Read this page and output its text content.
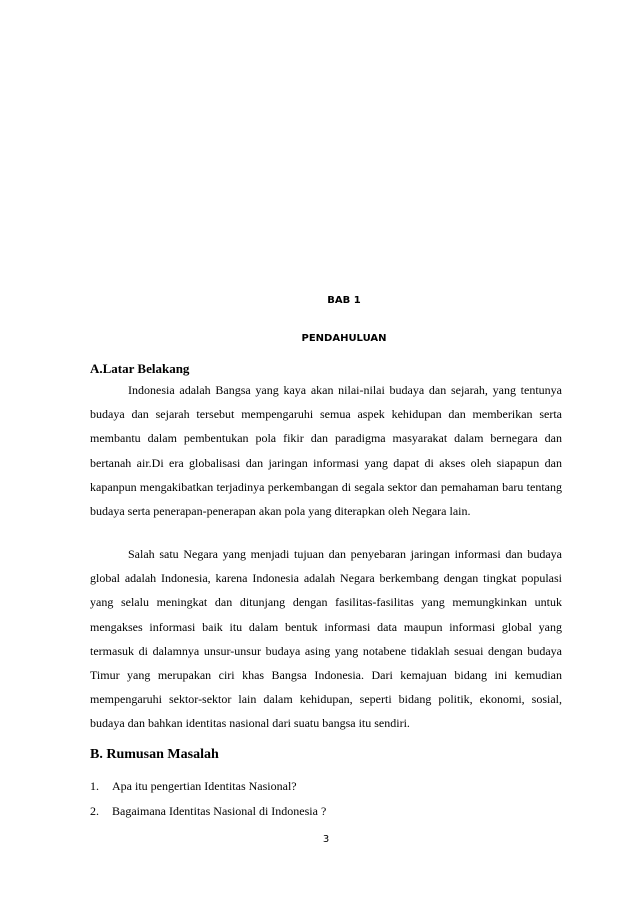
BAB 1
PENDAHULUAN
A.Latar Belakang

Indonesia adalah Bangsa yang kaya akan nilai-nilai budaya dan sejarah, yang tentunya budaya dan sejarah tersebut mempengaruhi semua aspek kehidupan dan memberikan serta membantu dalam pembentukan pola fikir dan paradigma masyarakat dalam bernegara dan bertanah air.Di era globalisasi dan jaringan informasi yang dapat di akses oleh siapapun dan kapanpun mengakibatkan terjadinya perkembangan di segala sektor dan pemahaman baru tentang budaya serta penerapan-penerapan akan pola yang diterapkan oleh Negara lain.

Salah satu Negara yang menjadi tujuan dan penyebaran jaringan informasi dan budaya global adalah Indonesia, karena Indonesia adalah Negara berkembang dengan tingkat populasi yang selalu meningkat dan ditunjang dengan fasilitas-fasilitas yang memungkinkan untuk mengakses informasi baik itu dalam bentuk informasi data maupun informasi global yang termasuk di dalamnya unsur-unsur budaya asing yang notabene tidaklah sesuai dengan budaya Timur yang merupakan ciri khas Bangsa Indonesia. Dari kemajuan bidang ini kemudian mempengaruhi sektor-sektor lain dalam kehidupan, seperti bidang politik, ekonomi, sosial, budaya dan bahkan identitas nasional dari suatu bangsa itu sendiri.

B. Rumusan Masalah
1. Apa itu pengertian Identitas Nasional?
2. Bagaimana Identitas Nasional di Indonesia ?
3
